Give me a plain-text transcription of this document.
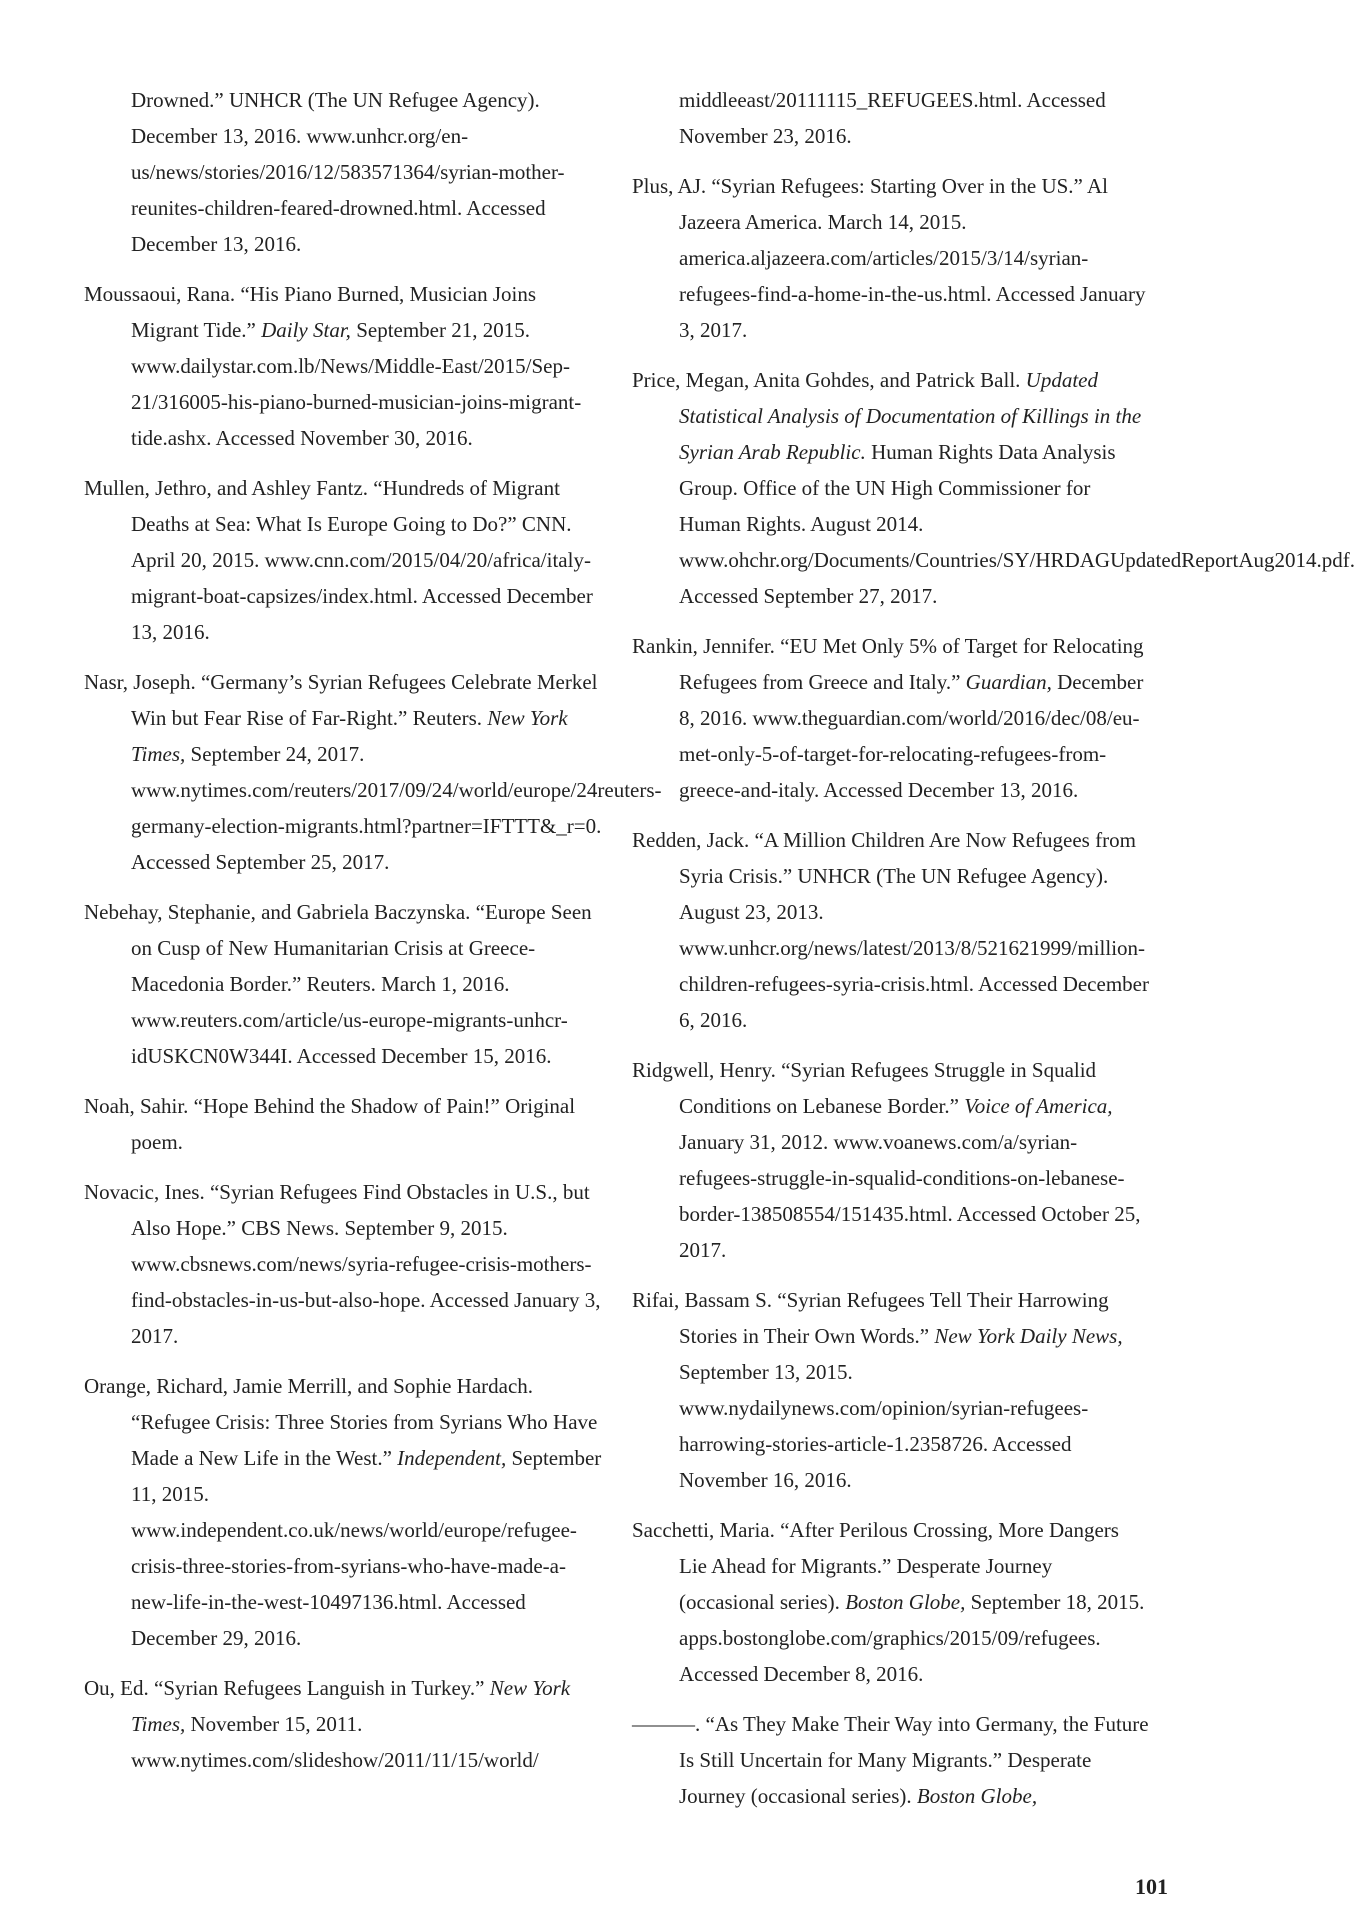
Drowned.” UNHCR (The UN Refugee Agency). December 13, 2016. www.unhcr.org/en-us/news/stories/2016/12/583571364/syrian-mother-reunites-children-feared-drowned.html. Accessed December 13, 2016.

Moussaoui, Rana. “His Piano Burned, Musician Joins Migrant Tide.” Daily Star, September 21, 2015. www.dailystar.com.lb/News/Middle-East/2015/Sep-21/316005-his-piano-burned-musician-joins-migrant-tide.ashx. Accessed November 30, 2016.

Mullen, Jethro, and Ashley Fantz. “Hundreds of Migrant Deaths at Sea: What Is Europe Going to Do?” CNN. April 20, 2015. www.cnn.com/2015/04/20/africa/italy-migrant-boat-capsizes/index.html. Accessed December 13, 2016.

Nasr, Joseph. “Germany’s Syrian Refugees Celebrate Merkel Win but Fear Rise of Far-Right.” Reuters. New York Times, September 24, 2017. www.nytimes.com/reuters/2017/09/24/world/europe/24reuters-germany-election-migrants.html?partner=IFTTT&_r=0. Accessed September 25, 2017.

Nebehay, Stephanie, and Gabriela Baczynska. “Europe Seen on Cusp of New Humanitarian Crisis at Greece-Macedonia Border.” Reuters. March 1, 2016. www.reuters.com/article/us-europe-migrants-unhcr-idUSKCN0W344I. Accessed December 15, 2016.

Noah, Sahir. “Hope Behind the Shadow of Pain!” Original poem.

Novacic, Ines. “Syrian Refugees Find Obstacles in U.S., but Also Hope.” CBS News. September 9, 2015. www.cbsnews.com/news/syria-refugee-crisis-mothers-find-obstacles-in-us-but-also-hope. Accessed January 3, 2017.

Orange, Richard, Jamie Merrill, and Sophie Hardach. “Refugee Crisis: Three Stories from Syrians Who Have Made a New Life in the West.” Independent, September 11, 2015. www.independent.co.uk/news/world/europe/refugee-crisis-three-stories-from-syrians-who-have-made-a-new-life-in-the-west-10497136.html. Accessed December 29, 2016.

Ou, Ed. “Syrian Refugees Languish in Turkey.” New York Times, November 15, 2011. www.nytimes.com/slideshow/2011/11/15/world/

middleeast/20111115_REFUGEES.html. Accessed November 23, 2016.

Plus, AJ. “Syrian Refugees: Starting Over in the US.” Al Jazeera America. March 14, 2015. america.aljazeera.com/articles/2015/3/14/syrian-refugees-find-a-home-in-the-us.html. Accessed January 3, 2017.

Price, Megan, Anita Gohdes, and Patrick Ball. Updated Statistical Analysis of Documentation of Killings in the Syrian Arab Republic. Human Rights Data Analysis Group. Office of the UN High Commissioner for Human Rights. August 2014. www.ohchr.org/Documents/Countries/SY/HRDAGUpdatedReportAug2014.pdf. Accessed September 27, 2017.

Rankin, Jennifer. “EU Met Only 5% of Target for Relocating Refugees from Greece and Italy.” Guardian, December 8, 2016. www.theguardian.com/world/2016/dec/08/eu-met-only-5-of-target-for-relocating-refugees-from-greece-and-italy. Accessed December 13, 2016.

Redden, Jack. “A Million Children Are Now Refugees from Syria Crisis.” UNHCR (The UN Refugee Agency). August 23, 2013. www.unhcr.org/news/latest/2013/8/521621999/million-children-refugees-syria-crisis.html. Accessed December 6, 2016.

Ridgwell, Henry. “Syrian Refugees Struggle in Squalid Conditions on Lebanese Border.” Voice of America, January 31, 2012. www.voanews.com/a/syrian-refugees-struggle-in-squalid-conditions-on-lebanese-border-138508554/151435.html. Accessed October 25, 2017.

Rifai, Bassam S. “Syrian Refugees Tell Their Harrowing Stories in Their Own Words.” New York Daily News, September 13, 2015. www.nydailynews.com/opinion/syrian-refugees-harrowing-stories-article-1.2358726. Accessed November 16, 2016.

Sacchetti, Maria. “After Perilous Crossing, More Dangers Lie Ahead for Migrants.” Desperate Journey (occasional series). Boston Globe, September 18, 2015. apps.bostonglobe.com/graphics/2015/09/refugees. Accessed December 8, 2016.

———. “As They Make Their Way into Germany, the Future Is Still Uncertain for Many Migrants.” Desperate Journey (occasional series). Boston Globe,

101
